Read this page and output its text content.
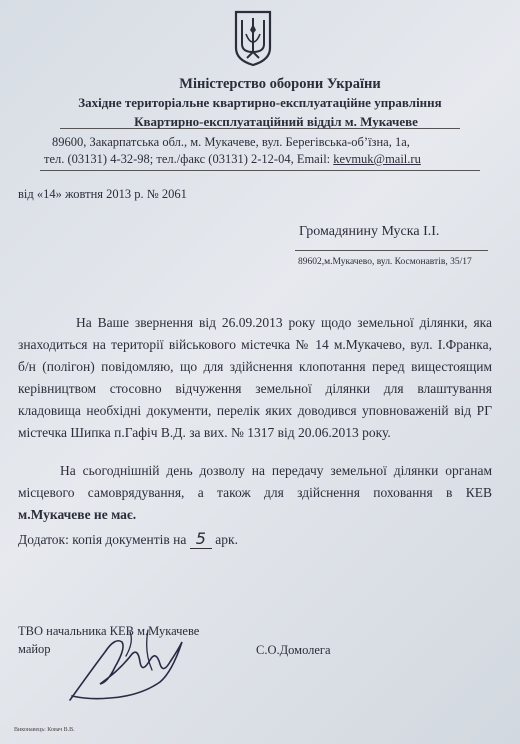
Міністерство оборони України
Західне територіальне квартирно-експлуатаційне управління
Квартирно-експлуатаційний відділ м. Мукачеве
89600, Закарпатська обл., м. Мукачеве, вул. Берегівська-об’їзна, 1а,
тел. (03131) 4-32-98; тел./факс (03131) 2-12-04, Email: kevmuk@mail.ru
від «14» жовтня 2013 р. № 2061
Громадянину Муска І.І.
89602,м.Мукачево, вул. Космонавтів, 35/17
На Ваше звернення від 26.09.2013 року щодо земельної ділянки, яка
знаходиться на території військового містечка № 14 м.Мукачево, вул. І.Франка,
б/н (полігон) повідомляю, що для здійснення клопотання перед вищестоящим
керівництвом стосовно відчуження земельної ділянки для влаштування
кладовища необхідні документи, перелік яких доводився уповноваженій від РГ
містечка Шипка п.Гафіч В.Д. за вих. № 1317 від 20.06.2013 року.
На сьогоднішній день дозволу на передачу земельної ділянки органам
місцевого самоврядування, а також для здійснення поховання в КЕВ
м.Мукачеве не має.
Додаток: копія документів на 5 арк.
ТВО начальника КЕВ м.Мукачеве
майор	С.О.Домолега
Виконавець: Ковач В.В.
